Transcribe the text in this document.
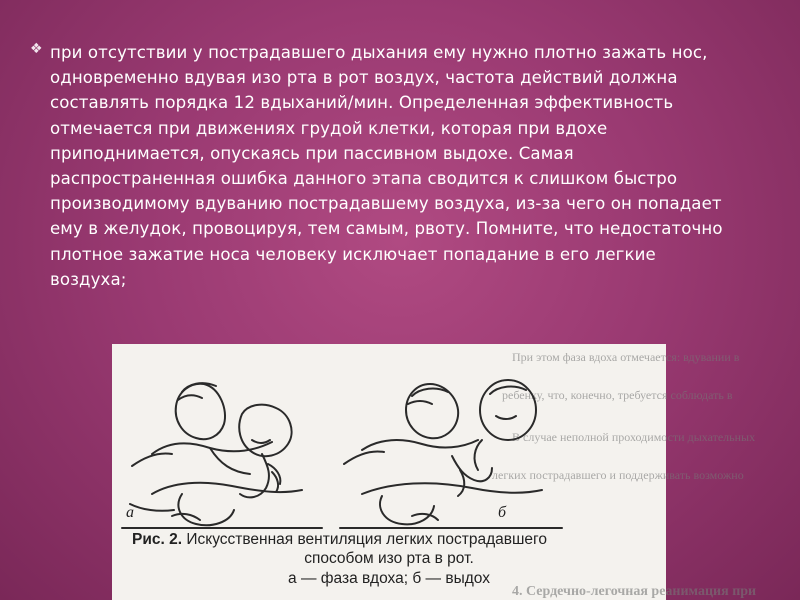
❖ при отсутствии у пострадавшего дыхания ему нужно плотно зажать нос, одновременно вдувая изо рта в рот воздух, частота действий должна составлять порядка 12 вдыханий/мин. Определенная эффективность отмечается при движениях грудой клетки, которая при вдохе приподнимается, опускаясь при пассивном выдохе. Самая распространенная ошибка данного этапа сводится к слишком быстро производимому вдуванию пострадавшему воздуха, из-за чего он попадает ему в желудок, провоцируя, тем самым, рвоту. Помните, что недостаточно плотное зажатие носа человеку исключает попадание в его легкие воздуха;

При этом фаза вдоха отмечается: вдувании в
ребенку, что, конечно, требуется соблюдать в
В случае неполной проходимости дыхательных
легких пострадавшего и поддерживать возможно
4. Сердечно-легочная реанимация при
а	б
Рис. 2. Искусственная вентиляция легких пострадавшего
способом изо рта в рот.
а — фаза вдоха; б — выдох
